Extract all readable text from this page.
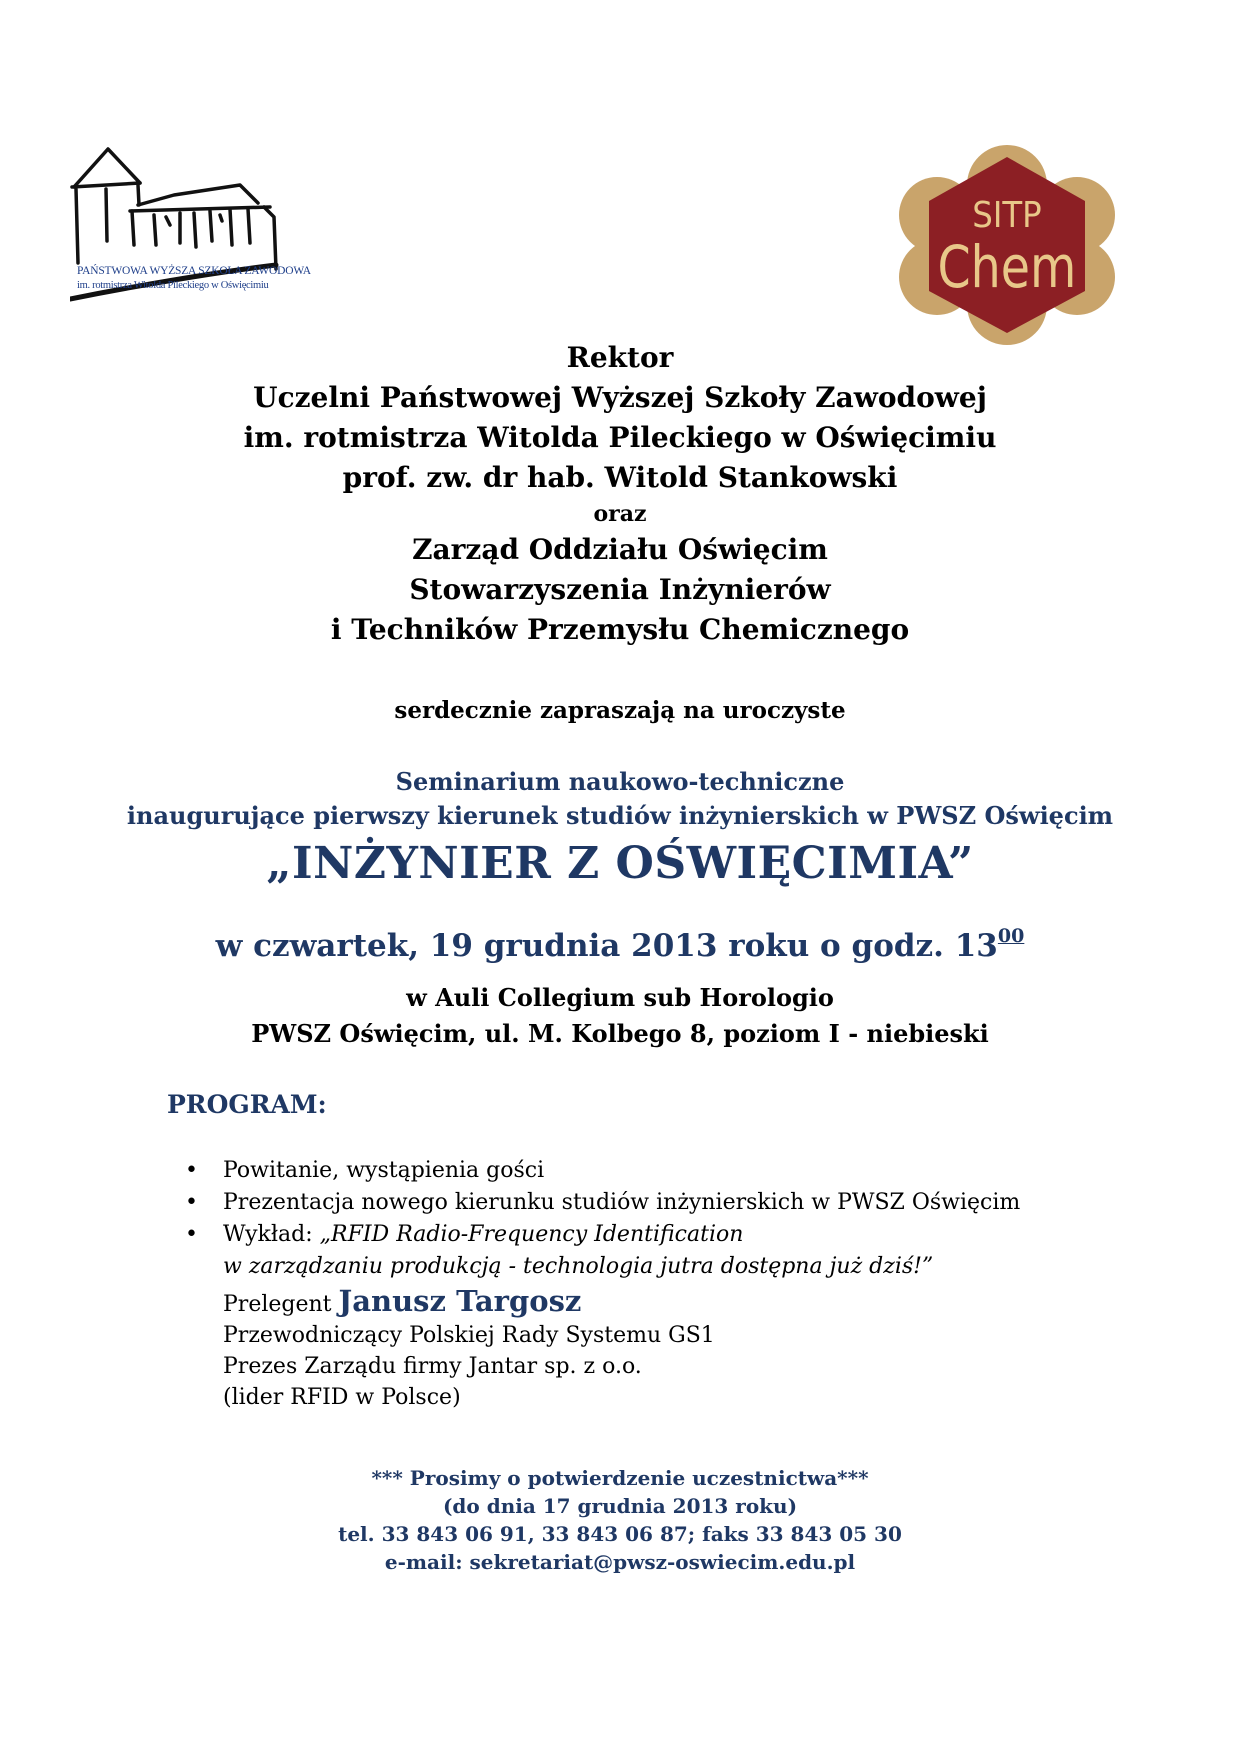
PAŃSTWOWA WYŻSZA SZKOŁA ZAWODOWA
im. rotmistrza Witolda Pileckiego w Oświęcimiu
SITP
Chem
Rektor
Uczelni Państwowej Wyższej Szkoły Zawodowej
im. rotmistrza Witolda Pileckiego w Oświęcimiu
prof. zw. dr hab. Witold Stankowski
oraz
Zarząd Oddziału Oświęcim
Stowarzyszenia Inżynierów
i Techników Przemysłu Chemicznego
serdecznie zapraszają na uroczyste
Seminarium naukowo-techniczne
inaugurujące pierwszy kierunek studiów inżynierskich w PWSZ Oświęcim
„INŻYNIER Z OŚWIĘCIMIA”
w czwartek, 19 grudnia 2013 roku o godz. $13^{00}$
w Auli Collegium sub Horologio
PWSZ Oświęcim, ul. M. Kolbego 8, poziom I - niebieski
PROGRAM:
• Powitanie, wystąpienia gości
• Prezentacja nowego kierunku studiów inżynierskich w PWSZ Oświęcim
• Wykład: „RFID Radio-Frequency Identification
w zarządzaniu produkcją - technologia jutra dostępna już dziś!”
Prelegent Janusz Targosz
Przewodniczący Polskiej Rady Systemu GS1
Prezes Zarządu firmy Jantar sp. z o.o.
(lider RFID w Polsce)
*** Prosimy o potwierdzenie uczestnictwa***
(do dnia 17 grudnia 2013 roku)
tel. 33 843 06 91, 33 843 06 87; faks 33 843 05 30
e-mail: sekretariat@pwsz-oswiecim.edu.pl
